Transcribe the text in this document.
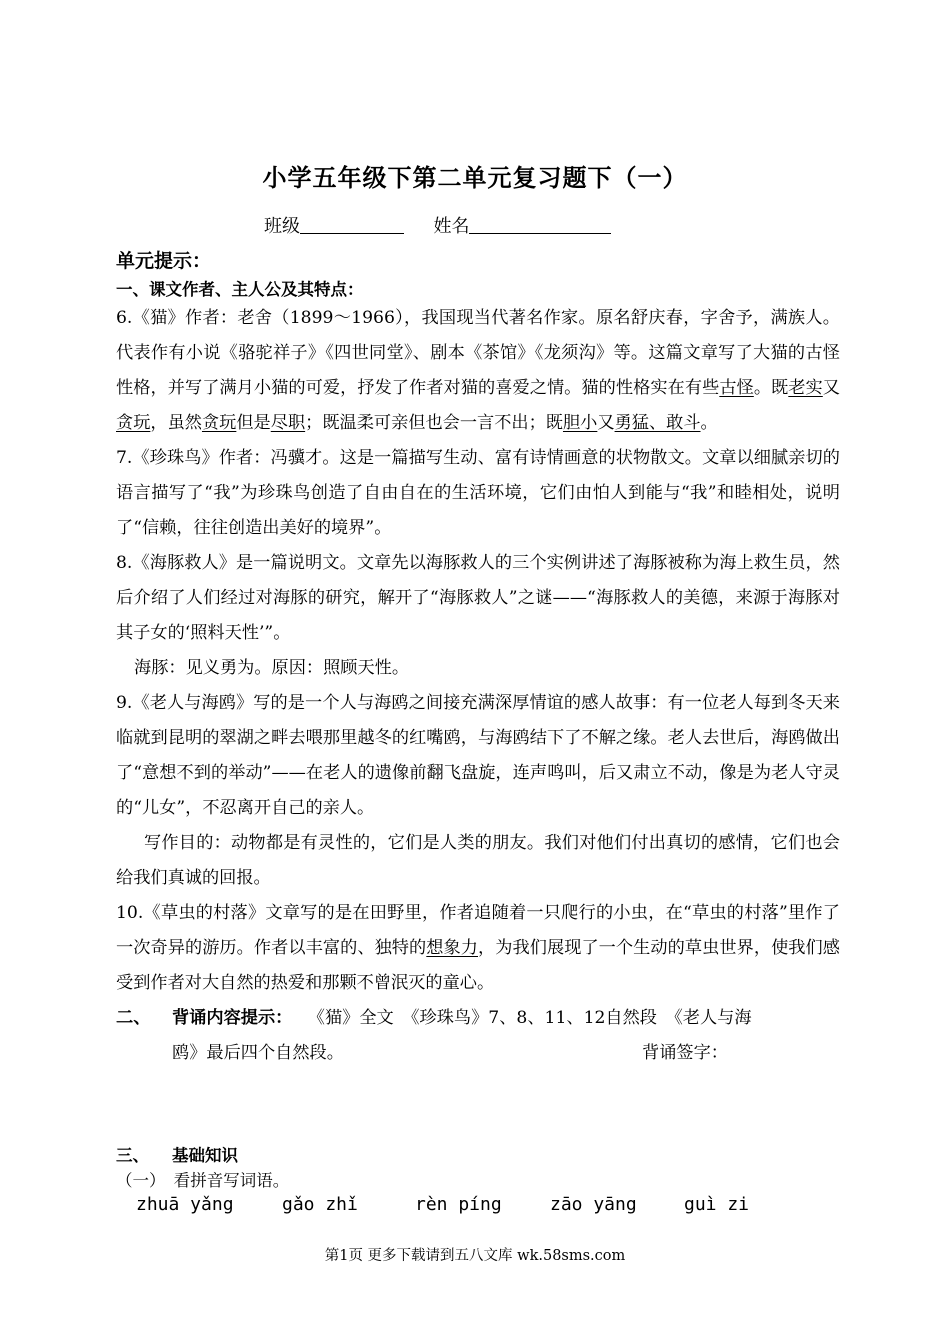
小学五年级下第二单元复习题下（一）
班级	姓名
单元提示：
一、课文作者、主人公及其特点：

6.《猫》作者：老舍（1899～1966），我国现当代著名作家。原名舒庆春，字舍予，满族人。代表作有小说《骆驼祥子》《四世同堂》、剧本《茶馆》《龙须沟》等。这篇文章写了大猫的古怪性格，并写了满月小猫的可爱，抒发了作者对猫的喜爱之情。猫的性格实在有些古怪。既老实又贪玩，虽然贪玩但是尽职；既温柔可亲但也会一言不出；既胆小又勇猛、敢斗。

7.《珍珠鸟》作者：冯骥才。这是一篇描写生动、富有诗情画意的状物散文。文章以细腻亲切的语言描写了“我”为珍珠鸟创造了自由自在的生活环境，它们由怕人到能与“我”和睦相处，说明了“信赖，往往创造出美好的境界”。

8.《海豚救人》是一篇说明文。文章先以海豚救人的三个实例讲述了海豚被称为海上救生员，然后介绍了人们经过对海豚的研究，解开了“海豚救人”之谜——“海豚救人的美德，来源于海豚对其子女的‘照料天性’”。

海豚：见义勇为。原因：照顾天性。

9.《老人与海鸥》写的是一个人与海鸥之间接充满深厚情谊的感人故事：有一位老人每到冬天来临就到昆明的翠湖之畔去喂那里越冬的红嘴鸥，与海鸥结下了不解之缘。老人去世后，海鸥做出了“意想不到的举动”——在老人的遗像前翻飞盘旋，连声鸣叫，后又肃立不动，像是为老人守灵的“儿女”，不忍离开自己的亲人。

写作目的：动物都是有灵性的，它们是人类的朋友。我们对他们付出真切的感情，它们也会给我们真诚的回报。

10.《草虫的村落》文章写的是在田野里，作者追随着一只爬行的小虫，在“草虫的村落”里作了一次奇异的游历。作者以丰富的、独特的想象力，为我们展现了一个生动的草虫世界，使我们感受到作者对大自然的热爱和那颗不曾泯灭的童心。

二、 背诵内容提示： 《猫》全文　《珍珠鸟》7、8、11、12自然段　《老人与海
鸥》最后四个自然段。	背诵签字：
三、 基础知识
（一）　看拼音写词语。
zhuā yǎng	gǎo zhǐ	rèn píng	zāo yāng	guì zi
第1页 更多下载请到五八文库 wk.58sms.com
